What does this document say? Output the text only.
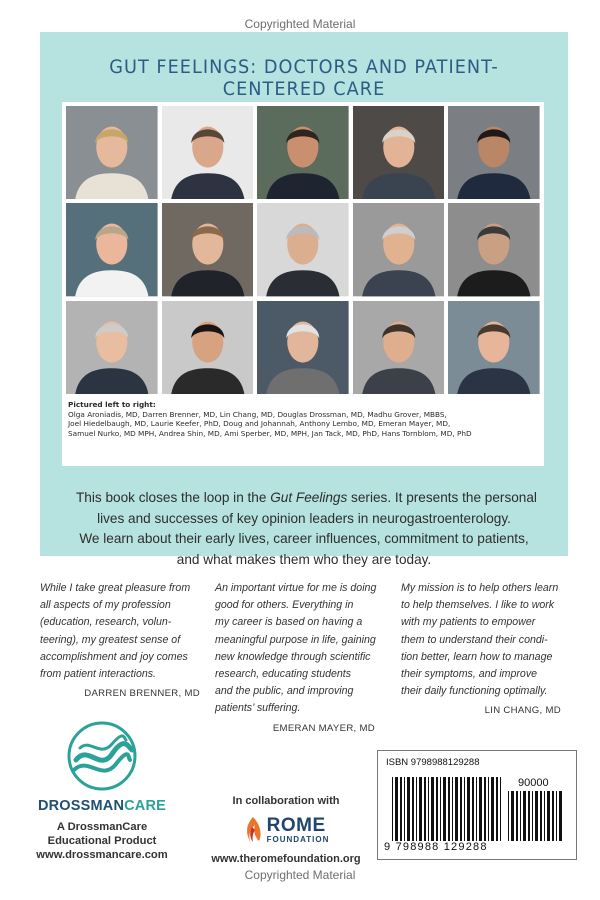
Copyrighted Material
GUT FEELINGS: DOCTORS AND PATIENT-CENTERED CARE
Pictured left to right:
Olga Aroniadis, MD, Darren Brenner, MD, Lin Chang, MD, Douglas Drossman, MD, Madhu Grover, MBBS,
Joel Hiedelbaugh, MD, Laurie Keefer, PhD, Doug and Johannah, Anthony Lembo, MD, Emeran Mayer, MD,
Samuel Nurko, MD MPH, Andrea Shin, MD, Ami Sperber, MD, MPH, Jan Tack, MD, PhD, Hans Tornblom, MD, PhD
This book closes the loop in the Gut Feelings series. It presents the personal
lives and successes of key opinion leaders in neurogastroenterology.
We learn about their early lives, career influences, commitment to patients,
and what makes them who they are today.
While I take great pleasure from
all aspects of my profession
(education, research, volun-
teering), my greatest sense of
accomplishment and joy comes
from patient interactions.
DARREN BRENNER, MD
An important virtue for me is doing
good for others. Everything in
my career is based on having a
meaningful purpose in life, gaining
new knowledge through scientific
research, educating students
and the public, and improving
patients’ suffering.
EMERAN MAYER, MD
My mission is to help others learn
to help themselves. I like to work
with my patients to empower
them to understand their condi-
tion better, learn how to manage
their symptoms, and improve
their daily functioning optimally.
LIN CHANG, MD
DROSSMANCARE
A DrossmanCare
Educational Product
www.drossmancare.com
In collaboration with
ROME
FOUNDATION
www.theromefoundation.org
ISBN 9798988129288
90000
9 798988 129288
Copyrighted Material
